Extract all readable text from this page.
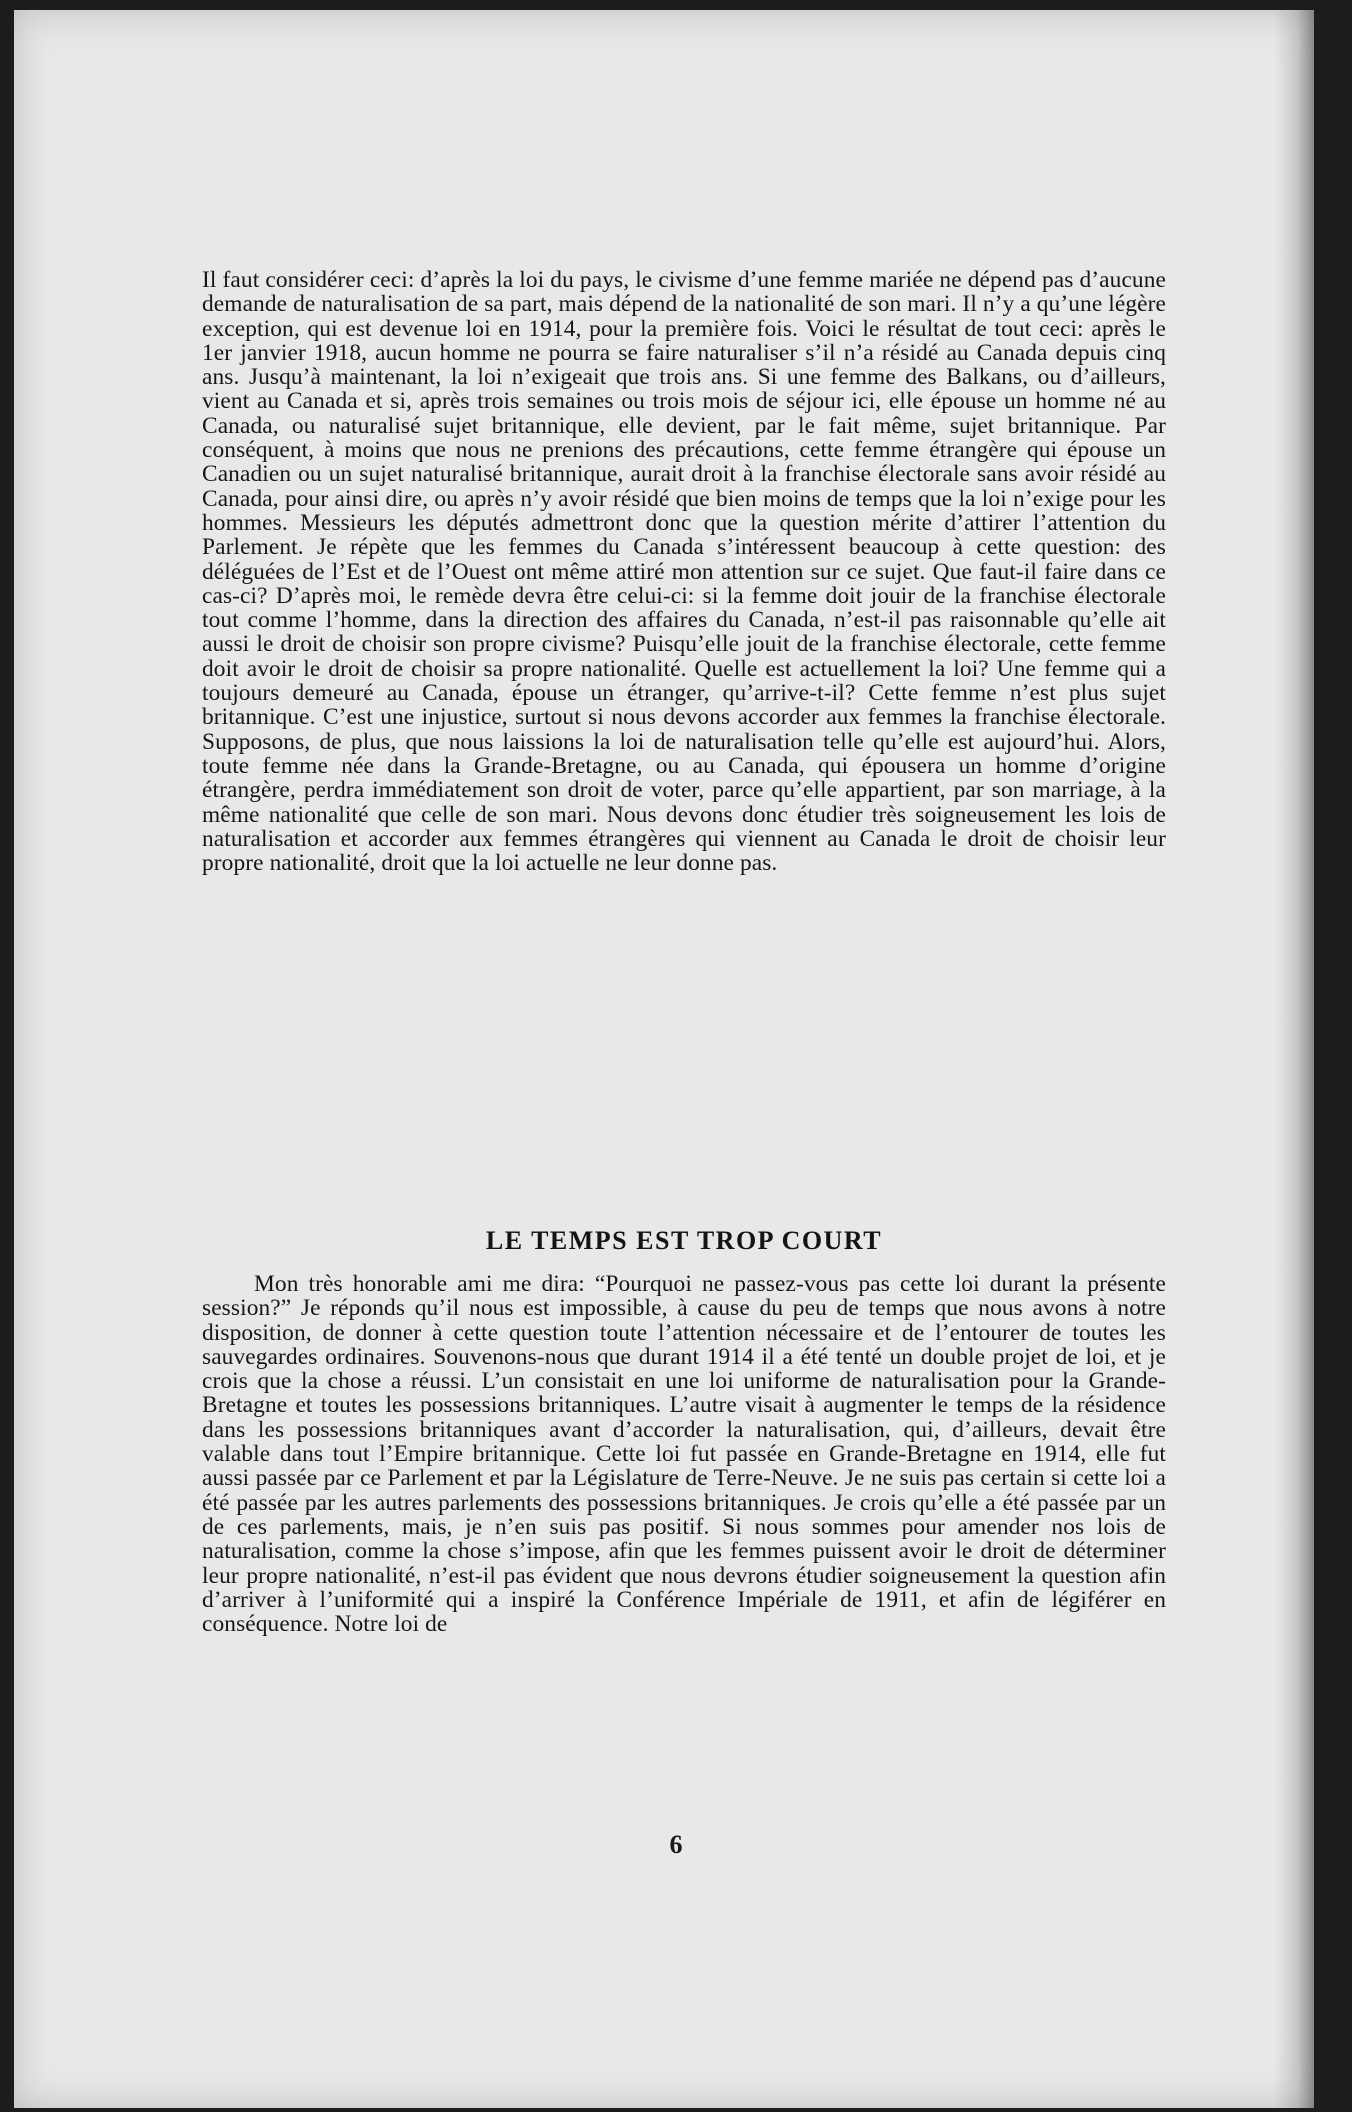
Il faut considérer ceci: d’après la loi du pays, le civisme d’une femme mariée ne dépend pas d’aucune demande de naturalisation de sa part, mais dépend de la nationalité de son mari. Il n’y a qu’une légère exception, qui est devenue loi en 1914, pour la première fois. Voici le résultat de tout ceci: après le 1er janvier 1918, aucun homme ne pourra se faire naturaliser s’il n’a résidé au Canada depuis cinq ans. Jusqu’à maintenant, la loi n’exigeait que trois ans. Si une femme des Balkans, ou d’ailleurs, vient au Canada et si, après trois semaines ou trois mois de séjour ici, elle épouse un homme né au Canada, ou naturalisé sujet britannique, elle devient, par le fait même, sujet britannique. Par conséquent, à moins que nous ne prenions des précautions, cette femme étrangère qui épouse un Canadien ou un sujet naturalisé britannique, aurait droit à la franchise électorale sans avoir résidé au Canada, pour ainsi dire, ou après n’y avoir résidé que bien moins de temps que la loi n’exige pour les hommes. Messieurs les députés admettront donc que la question mérite d’attirer l’attention du Parlement. Je répète que les femmes du Canada s’intéressent beaucoup à cette question: des déléguées de l’Est et de l’Ouest ont même attiré mon attention sur ce sujet. Que faut-il faire dans ce cas-ci? D’après moi, le remède devra être celui-ci: si la femme doit jouir de la franchise électorale tout comme l’homme, dans la direction des affaires du Canada, n’est-il pas raisonnable qu’elle ait aussi le droit de choisir son propre civisme? Puisqu’elle jouit de la franchise électorale, cette femme doit avoir le droit de choisir sa propre nationalité. Quelle est actuellement la loi? Une femme qui a toujours demeuré au Canada, épouse un étranger, qu’arrive-t-il? Cette femme n’est plus sujet britannique. C’est une injustice, surtout si nous devons accorder aux femmes la franchise électorale. Supposons, de plus, que nous laissions la loi de naturalisation telle qu’elle est aujourd’hui. Alors, toute femme née dans la Grande-Bretagne, ou au Canada, qui épousera un homme d’origine étrangère, perdra immédiatement son droit de voter, parce qu’elle appartient, par son marriage, à la même nationalité que celle de son mari. Nous devons donc étudier très soigneusement les lois de naturalisation et accorder aux femmes étrangères qui viennent au Canada le droit de choisir leur propre nationalité, droit que la loi actuelle ne leur donne pas.

LE TEMPS EST TROP COURT

Mon très honorable ami me dira: “Pourquoi ne passez-vous pas cette loi durant la présente session?” Je réponds qu’il nous est impossible, à cause du peu de temps que nous avons à notre disposition, de donner à cette question toute l’attention nécessaire et de l’entourer de toutes les sauvegardes ordinaires. Souvenons-nous que durant 1914 il a été tenté un double projet de loi, et je crois que la chose a réussi. L’un consistait en une loi uniforme de naturalisation pour la Grande-Bretagne et toutes les possessions britanniques. L’autre visait à augmenter le temps de la résidence dans les possessions britanniques avant d’accorder la naturalisation, qui, d’ailleurs, devait être valable dans tout l’Empire britannique. Cette loi fut passée en Grande-Bretagne en 1914, elle fut aussi passée par ce Parlement et par la Législature de Terre-Neuve. Je ne suis pas certain si cette loi a été passée par les autres parlements des possessions britanniques. Je crois qu’elle a été passée par un de ces parlements, mais, je n’en suis pas positif. Si nous sommes pour amender nos lois de naturalisation, comme la chose s’impose, afin que les femmes puissent avoir le droit de déterminer leur propre nationalité, n’est-il pas évident que nous devrons étudier soigneusement la question afin d’arriver à l’uniformité qui a inspiré la Conférence Impériale de 1911, et afin de légiférer en conséquence. Notre loi de

6
